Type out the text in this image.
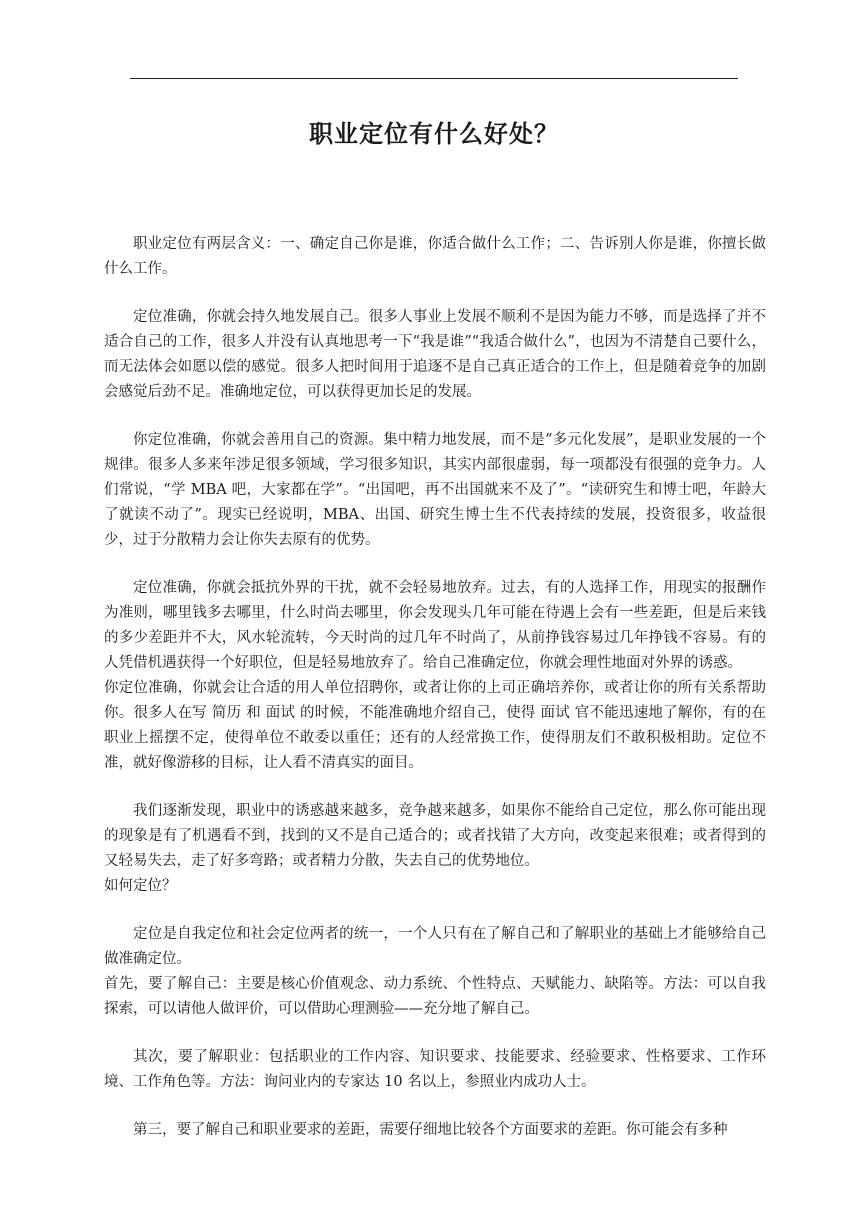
职业定位有什么好处？

职业定位有两层含义：一、确定自己你是谁，你适合做什么工作；二、告诉别人你是谁，你擅长做什么工作。

定位准确，你就会持久地发展自己。很多人事业上发展不顺利不是因为能力不够，而是选择了并不适合自己的工作，很多人并没有认真地思考一下“我是谁”“我适合做什么”，也因为不清楚自己要什么，而无法体会如愿以偿的感觉。很多人把时间用于追逐不是自己真正适合的工作上，但是随着竞争的加剧会感觉后劲不足。准确地定位，可以获得更加长足的发展。

你定位准确，你就会善用自己的资源。集中精力地发展，而不是“多元化发展”，是职业发展的一个规律。很多人多来年涉足很多领域，学习很多知识，其实内部很虚弱，每一项都没有很强的竞争力。人们常说，“学 MBA 吧，大家都在学”。“出国吧，再不出国就来不及了”。“读研究生和博士吧，年龄大了就读不动了”。现实已经说明，MBA、出国、研究生博士生不代表持续的发展，投资很多，收益很少，过于分散精力会让你失去原有的优势。

定位准确，你就会抵抗外界的干扰，就不会轻易地放弃。过去，有的人选择工作，用现实的报酬作为准则，哪里钱多去哪里，什么时尚去哪里，你会发现头几年可能在待遇上会有一些差距，但是后来钱的多少差距并不大，风水轮流转，今天时尚的过几年不时尚了，从前挣钱容易过几年挣钱不容易。有的人凭借机遇获得一个好职位，但是轻易地放弃了。给自己准确定位，你就会理性地面对外界的诱惑。

你定位准确，你就会让合适的用人单位招聘你，或者让你的上司正确培养你，或者让你的所有关系帮助你。很多人在写 简历 和 面试 的时候，不能准确地介绍自己，使得 面试 官不能迅速地了解你，有的在职业上摇摆不定，使得单位不敢委以重任；还有的人经常换工作，使得朋友们不敢积极相助。定位不准，就好像游移的目标，让人看不清真实的面目。

我们逐渐发现，职业中的诱惑越来越多，竞争越来越多，如果你不能给自己定位，那么你可能出现的现象是有了机遇看不到，找到的又不是自己适合的；或者找错了大方向，改变起来很难；或者得到的又轻易失去，走了好多弯路；或者精力分散，失去自己的优势地位。

如何定位？

定位是自我定位和社会定位两者的统一，一个人只有在了解自己和了解职业的基础上才能够给自己做准确定位。

首先，要了解自己：主要是核心价值观念、动力系统、个性特点、天赋能力、缺陷等。方法：可以自我探索，可以请他人做评价，可以借助心理测验——充分地了解自己。

其次，要了解职业：包括职业的工作内容、知识要求、技能要求、经验要求、性格要求、工作环境、工作角色等。方法：询问业内的专家达 10 名以上，参照业内成功人士。

第三，要了解自己和职业要求的差距，需要仔细地比较各个方面要求的差距。你可能会有多种
